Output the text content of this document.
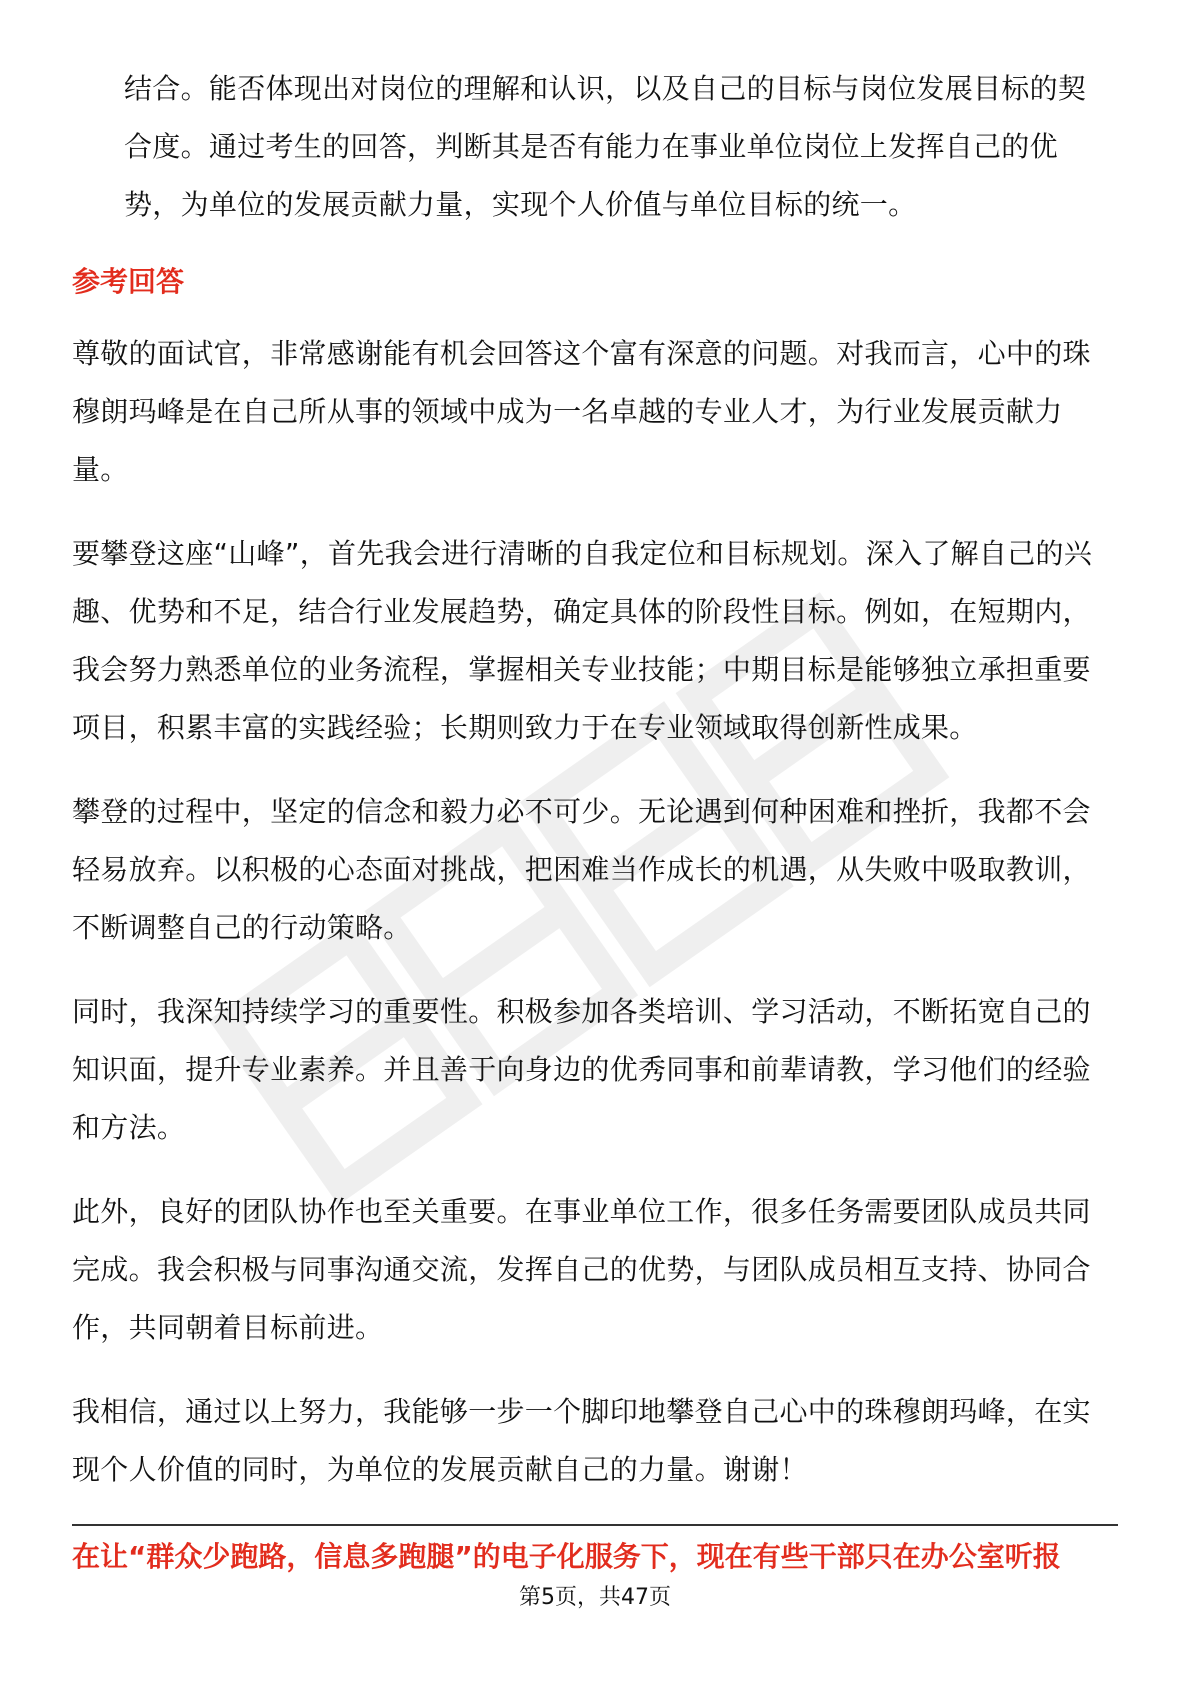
结合。能否体现出对岗位的理解和认识，以及自己的目标与岗位发展目标的契合度。通过考生的回答，判断其是否有能力在事业单位岗位上发挥自己的优势，为单位的发展贡献力量，实现个人价值与单位目标的统一。

参考回答

尊敬的面试官，非常感谢能有机会回答这个富有深意的问题。对我而言，心中的珠穆朗玛峰是在自己所从事的领域中成为一名卓越的专业人才，为行业发展贡献力量。

要攀登这座“山峰”，首先我会进行清晰的自我定位和目标规划。深入了解自己的兴趣、优势和不足，结合行业发展趋势，确定具体的阶段性目标。例如，在短期内，我会努力熟悉单位的业务流程，掌握相关专业技能；中期目标是能够独立承担重要项目，积累丰富的实践经验；长期则致力于在专业领域取得创新性成果。

攀登的过程中，坚定的信念和毅力必不可少。无论遇到何种困难和挫折，我都不会轻易放弃。以积极的心态面对挑战，把困难当作成长的机遇，从失败中吸取教训，不断调整自己的行动策略。

同时，我深知持续学习的重要性。积极参加各类培训、学习活动，不断拓宽自己的知识面，提升专业素养。并且善于向身边的优秀同事和前辈请教，学习他们的经验和方法。

此外，良好的团队协作也至关重要。在事业单位工作，很多任务需要团队成员共同完成。我会积极与同事沟通交流，发挥自己的优势，与团队成员相互支持、协同合作，共同朝着目标前进。

我相信，通过以上努力，我能够一步一个脚印地攀登自己心中的珠穆朗玛峰，在实现个人价值的同时，为单位的发展贡献自己的力量。谢谢！

在让“群众少跑路，信息多跑腿”的电子化服务下，现在有些干部只在办公室听报

第5页，共47页
